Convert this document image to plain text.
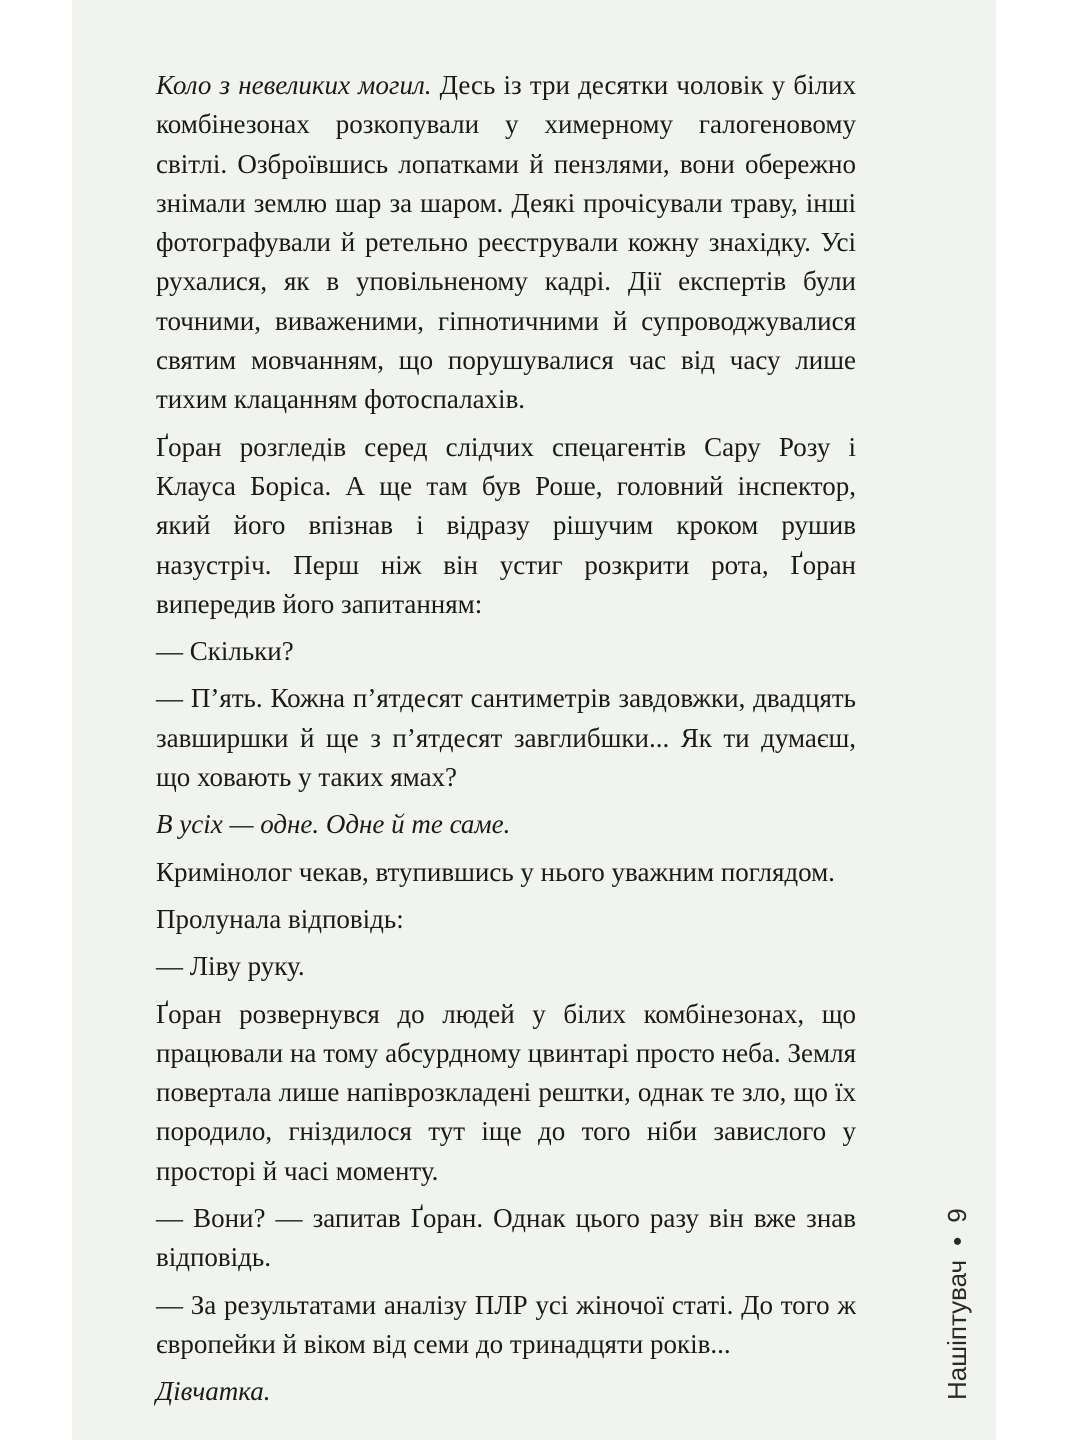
Коло з невеликих могил. Десь із три десятки чоловік у білих комбінезонах розкопували у химерному галогеновому світлі. Озброївшись лопатками й пензлями, вони обережно знімали землю шар за шаром. Деякі прочісували траву, інші фотографували й ретельно реєстрували кожну знахідку. Усі рухалися, як в уповільненому кадрі. Дії експертів були точними, виваженими, гіпнотичними й супроводжувалися святим мовчанням, що порушувалися час від часу лише тихим клацанням фотоспалахів.

Ґоран розгледів серед слідчих спецагентів Сару Розу і Клауса Боріса. А ще там був Роше, головний інспектор, який його впізнав і відразу рішучим кроком рушив назустріч. Перш ніж він устиг розкрити рота, Ґоран випередив його запитанням:

— Скільки?

— П’ять. Кожна п’ятдесят сантиметрів завдовжки, двадцять завширшки й ще з п’ятдесят завглибшки... Як ти думаєш, що ховають у таких ямах?

В усіх — одне. Одне й те саме.

Кримінолог чекав, втупившись у нього уважним поглядом.

Пролунала відповідь:

— Ліву руку.

Ґоран розвернувся до людей у білих комбінезонах, що працювали на тому абсурдному цвинтарі просто неба. Земля повертала лише напіврозкладені рештки, однак те зло, що їх породило, гніздилося тут іще до того ніби завислого у просторі й часі моменту.

— Вони? — запитав Ґоран. Однак цього разу він вже знав відповідь.

— За результатами аналізу ПЛР усі жіночої статі. До того ж європейки й віком від семи до тринадцяти років...

Дівчатка.	Нашіптувач•9
